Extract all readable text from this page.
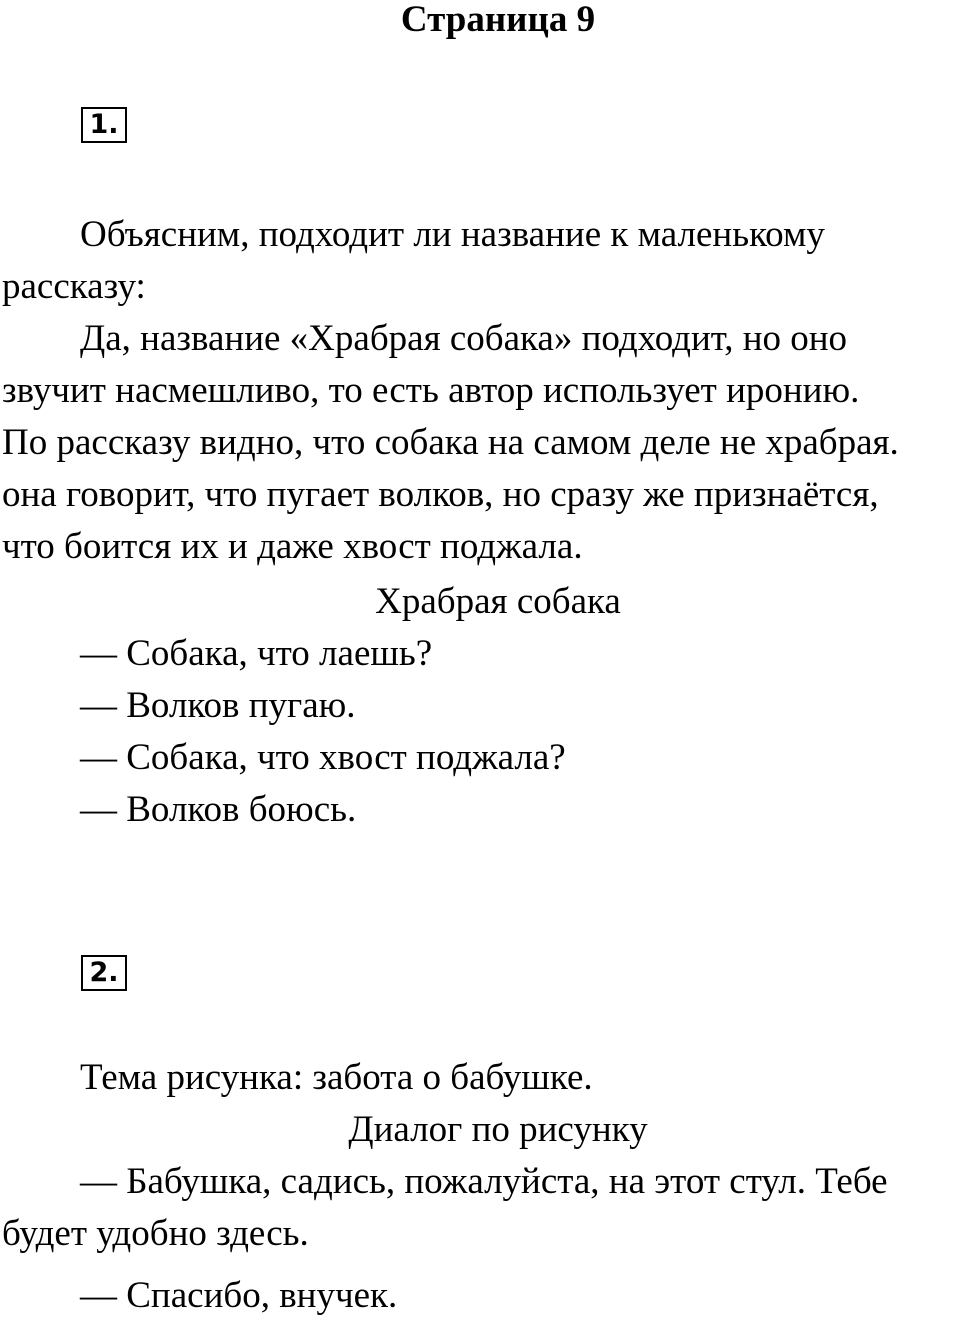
Страница 9
1.
Объясним, подходит ли название к маленькому
рассказу:
Да, название «Храбрая собака» подходит, но оно
звучит насмешливо, то есть автор использует иронию.
По рассказу видно, что собака на самом деле не храбрая.
она говорит, что пугает волков, но сразу же признаётся,
что боится их и даже хвост поджала.
Храбрая собака
— Собака, что лаешь?
— Волков пугаю.
— Собака, что хвост поджала?
— Волков боюсь.
2.
Тема рисунка: забота о бабушке.
Диалог по рисунку
— Бабушка, садись, пожалуйста, на этот стул. Тебе
будет удобно здесь.
— Спасибо, внучек.
